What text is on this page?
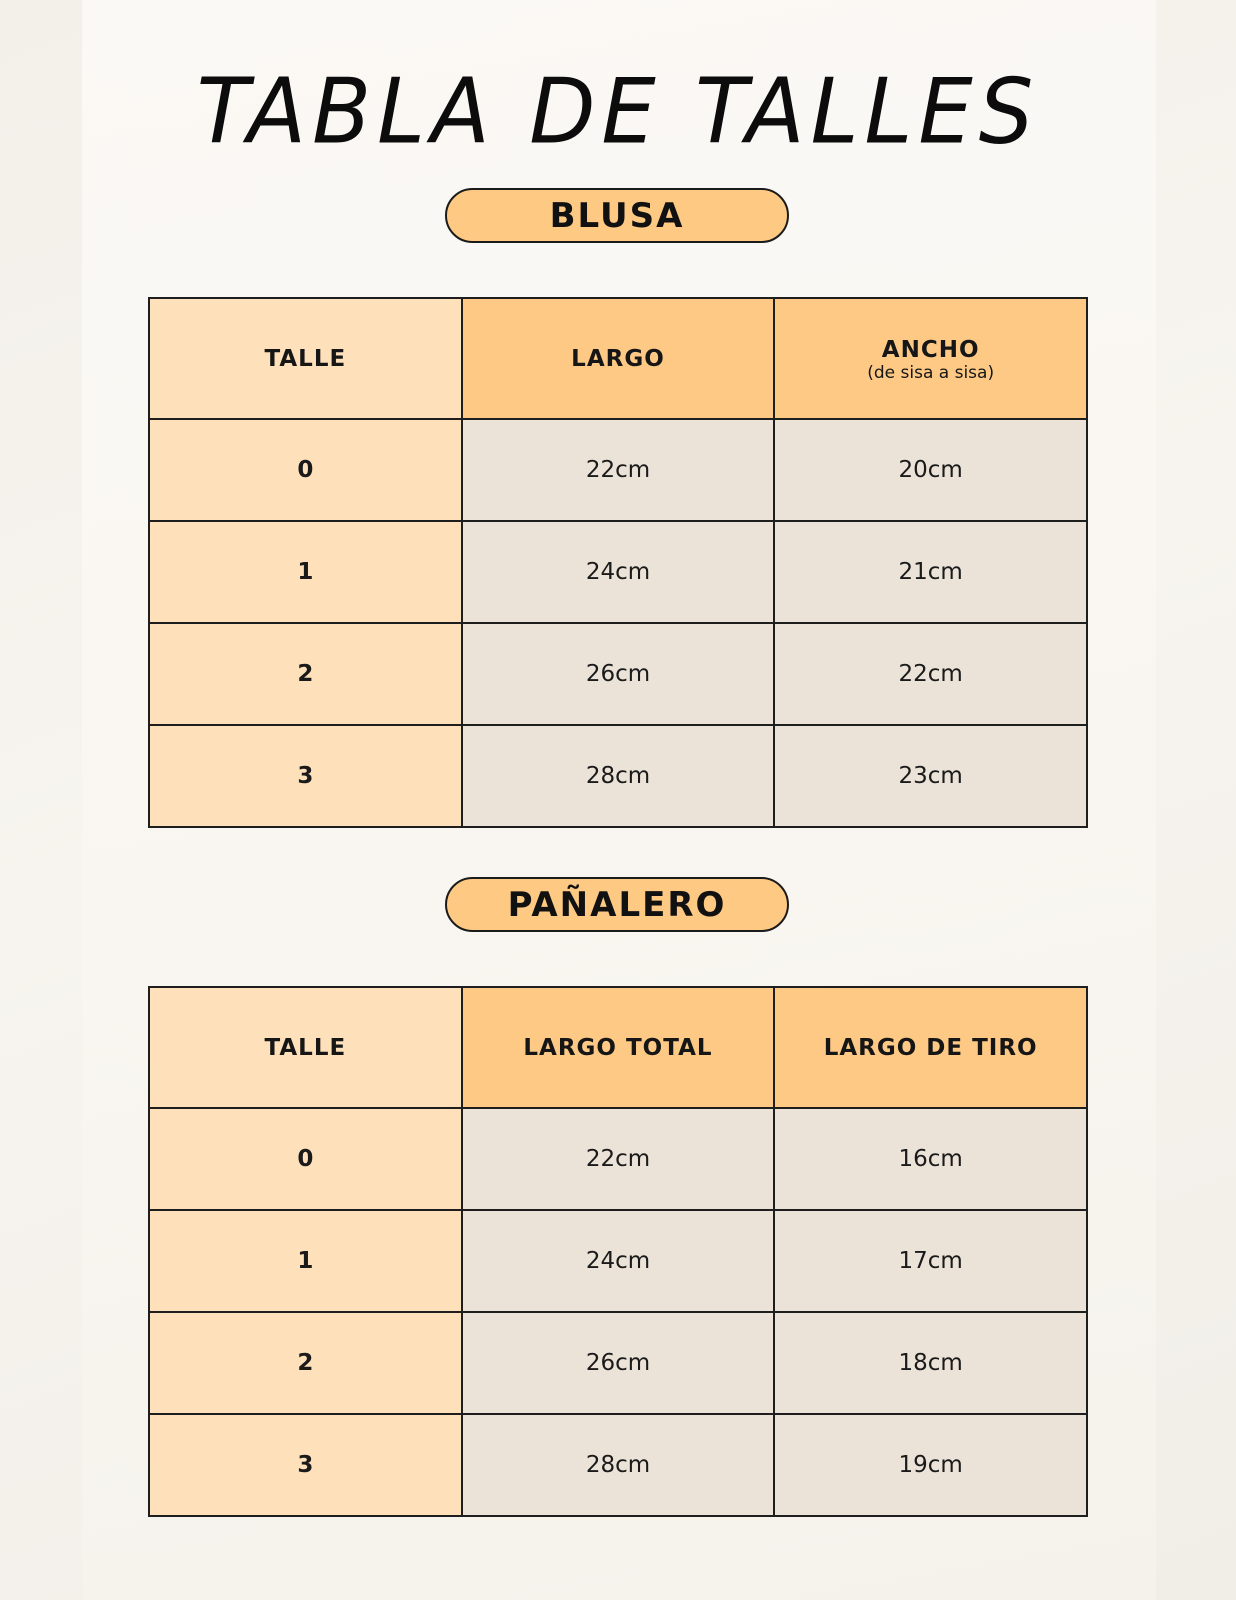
TABLA DE TALLES
BLUSA
TALLE	LARGO	ANCHO
(de sisa a sisa)

0	22cm	20cm
1	24cm	21cm
2	26cm	22cm
3	28cm	23cm
PAÑALERO
TALLE	LARGO TOTAL	LARGO DE TIRO
0	22cm	16cm
1	24cm	17cm
2	26cm	18cm
3	28cm	19cm
